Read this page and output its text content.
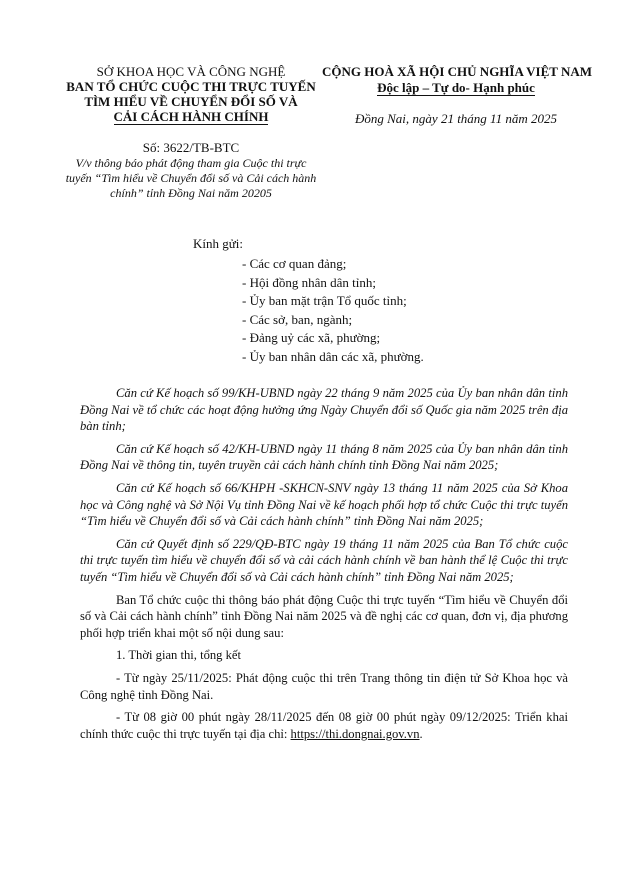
SỞ KHOA HỌC VÀ CÔNG NGHỆ
BAN TỔ CHỨC CUỘC THI TRỰC TUYẾN
TÌM HIỂU VỀ CHUYỂN ĐỔI SỐ VÀ
CẢI CÁCH HÀNH CHÍNH
CỘNG HOÀ XÃ HỘI CHỦ NGHĨA VIỆT NAM
Độc lập – Tự do- Hạnh phúc
Đồng Nai, ngày 21 tháng 11 năm 2025
Số: 3622/TB-BTC
V/v thông báo phát động tham gia Cuộc thi trực tuyến “Tìm hiểu về Chuyển đổi số và Cải cách hành chính” tỉnh Đồng Nai năm 20205
Kính gửi:
- Các cơ quan đảng;
- Hội đồng nhân dân tỉnh;
- Ủy ban mặt trận Tổ quốc tỉnh;
- Các sở, ban, ngành;
- Đảng uỷ các xã, phường;
- Ủy ban nhân dân các xã, phường.

Căn cứ Kế hoạch số 99/KH-UBND ngày 22 tháng 9 năm 2025 của Ủy ban nhân dân tỉnh Đồng Nai về tổ chức các hoạt động hưởng ứng Ngày Chuyển đổi số Quốc gia năm 2025 trên địa bàn tỉnh;

Căn cứ Kế hoạch số 42/KH-UBND ngày 11 tháng 8 năm 2025 của Ủy ban nhân dân tỉnh Đồng Nai về thông tin, tuyên truyền cải cách hành chính tỉnh Đồng Nai năm 2025;

Căn cứ Kế hoạch số 66/KHPH -SKHCN-SNV ngày 13 tháng 11 năm 2025 của Sở Khoa học và Công nghệ và Sở Nội Vụ tỉnh Đồng Nai về kế hoạch phối hợp tổ chức Cuộc thi trực tuyến “Tìm hiểu về Chuyển đổi số và Cải cách hành chính” tỉnh Đồng Nai năm 2025;

Căn cứ Quyết định số 229/QĐ-BTC ngày 19 tháng 11 năm 2025 của Ban Tổ chức cuộc thi trực tuyến tìm hiểu về chuyển đổi số và cải cách hành chính về ban hành thể lệ Cuộc thi trực tuyến “Tìm hiểu về Chuyển đổi số và Cải cách hành chính” tỉnh Đồng Nai năm 2025;

Ban Tổ chức cuộc thi thông báo phát động Cuộc thi trực tuyến “Tìm hiểu về Chuyển đổi số và Cải cách hành chính” tỉnh Đồng Nai năm 2025 và đề nghị các cơ quan, đơn vị, địa phương phối hợp triển khai một số nội dung sau:

1. Thời gian thi, tổng kết

- Từ ngày 25/11/2025: Phát động cuộc thi trên Trang thông tin điện tử Sở Khoa học và Công nghệ tỉnh Đồng Nai.

- Từ 08 giờ 00 phút ngày 28/11/2025 đến 08 giờ 00 phút ngày 09/12/2025: Triển khai chính thức cuộc thi trực tuyến tại địa chỉ: https://thi.dongnai.gov.vn.
